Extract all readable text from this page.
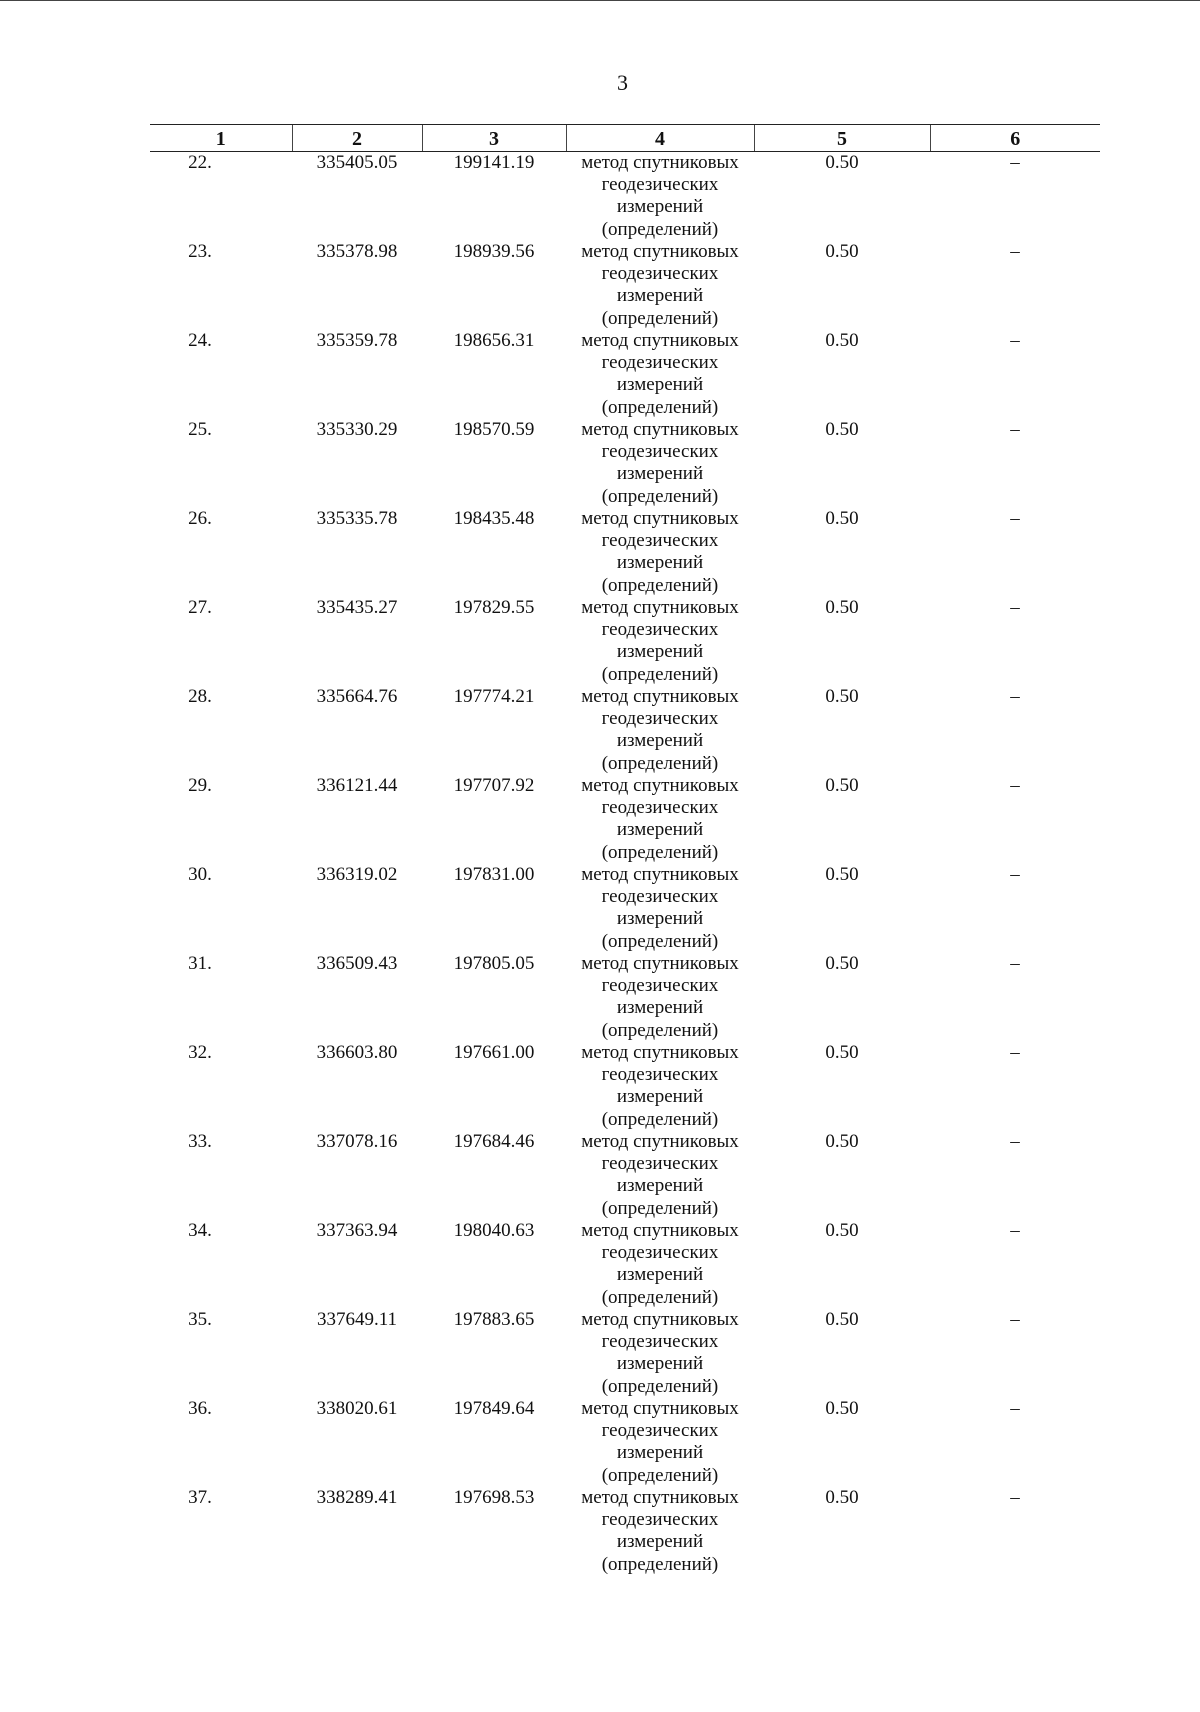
3
1	2	3	4	5	6
22.	335405.05	199141.19	метод спутниковых
геодезических
измерений
(определений)	0.50	–
23.	335378.98	198939.56	метод спутниковых
геодезических
измерений
(определений)	0.50	–
24.	335359.78	198656.31	метод спутниковых
геодезических
измерений
(определений)	0.50	–
25.	335330.29	198570.59	метод спутниковых
геодезических
измерений
(определений)	0.50	–
26.	335335.78	198435.48	метод спутниковых
геодезических
измерений
(определений)	0.50	–
27.	335435.27	197829.55	метод спутниковых
геодезических
измерений
(определений)	0.50	–
28.	335664.76	197774.21	метод спутниковых
геодезических
измерений
(определений)	0.50	–
29.	336121.44	197707.92	метод спутниковых
геодезических
измерений
(определений)	0.50	–
30.	336319.02	197831.00	метод спутниковых
геодезических
измерений
(определений)	0.50	–
31.	336509.43	197805.05	метод спутниковых
геодезических
измерений
(определений)	0.50	–
32.	336603.80	197661.00	метод спутниковых
геодезических
измерений
(определений)	0.50	–
33.	337078.16	197684.46	метод спутниковых
геодезических
измерений
(определений)	0.50	–
34.	337363.94	198040.63	метод спутниковых
геодезических
измерений
(определений)	0.50	–
35.	337649.11	197883.65	метод спутниковых
геодезических
измерений
(определений)	0.50	–
36.	338020.61	197849.64	метод спутниковых
геодезических
измерений
(определений)	0.50	–
37.	338289.41	197698.53	метод спутниковых
геодезических
измерений
(определений)	0.50	–
